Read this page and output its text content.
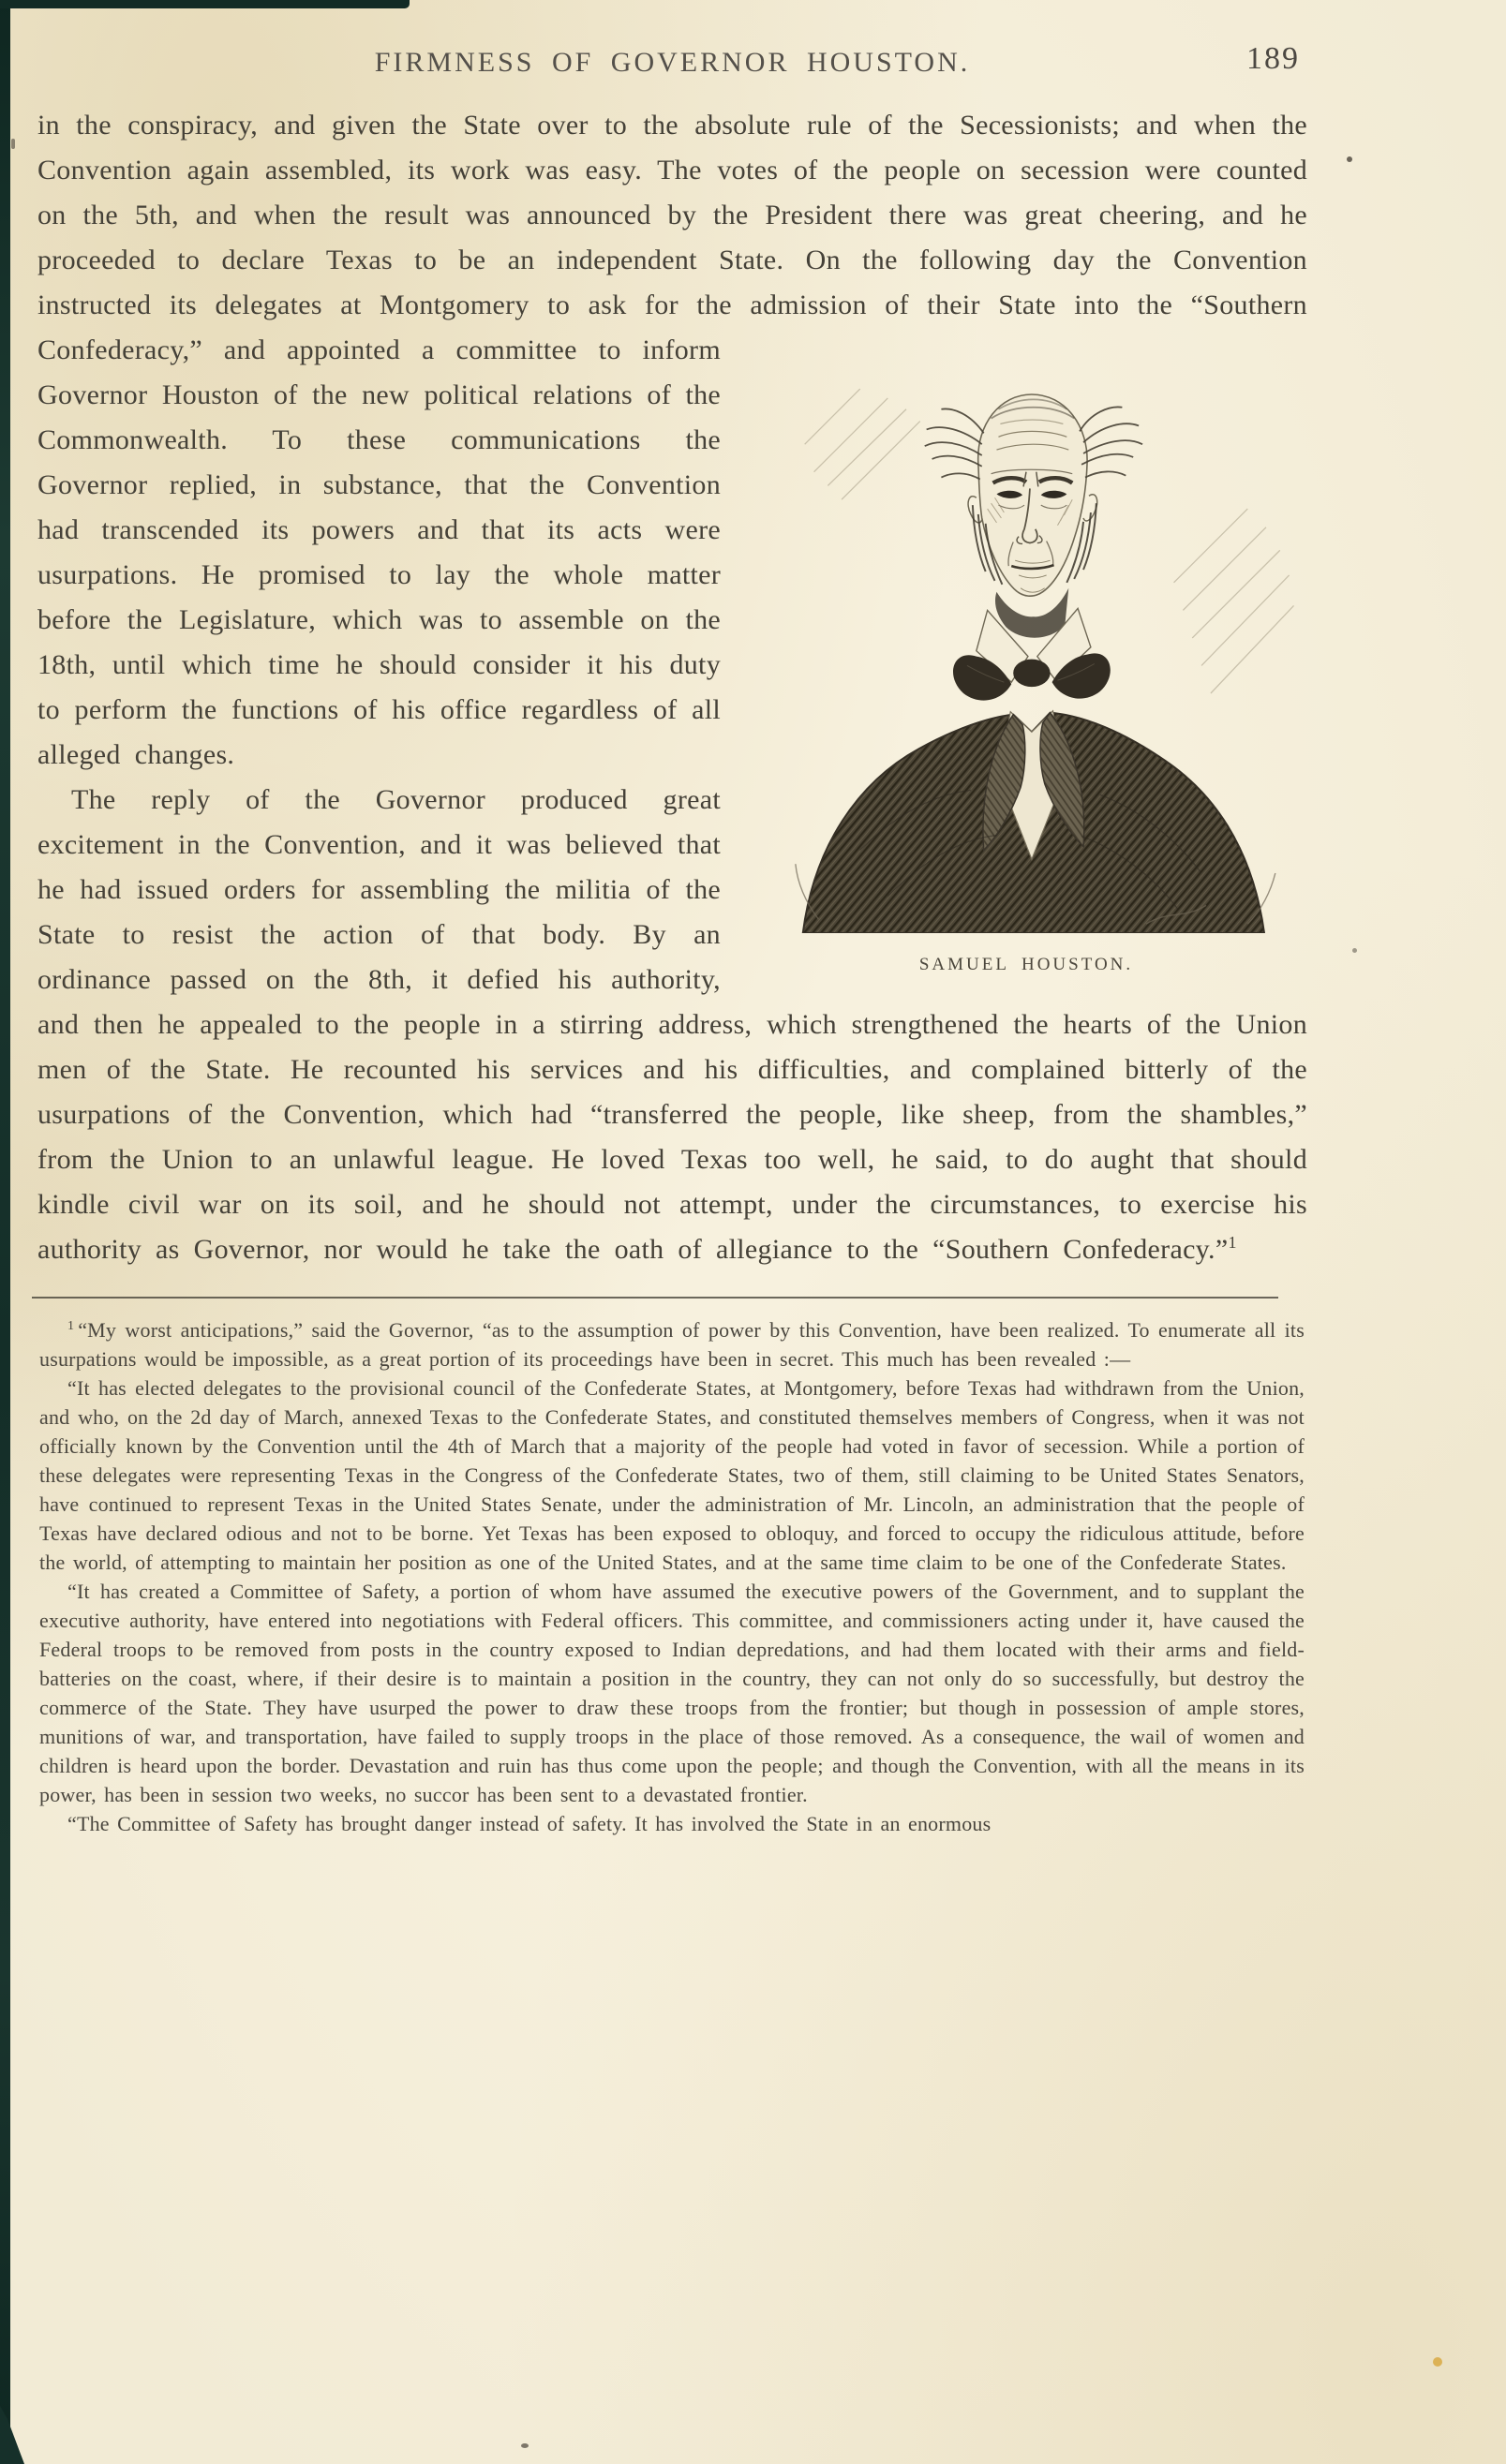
FIRMNESS OF GOVERNOR HOUSTON.	189

in the conspiracy, and given the State over to the absolute rule of the Secessionists; and when the Convention again assembled, its work was easy. The votes of the people on secession were counted on the 5th, and when the result was announced by the President there was great cheering, and he proceeded to declare Texas to be an independent State. On the following day the Convention instructed its delegates at Montgomery to ask for the admission of their State into the “Southern Confederacy,” and appointed a
SAMUEL HOUSTON.
committee to inform Governor Houston of the new political relations of the Commonwealth. To these communications the Governor replied, in substance, that the Convention had transcended its powers and that its acts were usurpations. He promised to lay the whole matter before the Legislature, which was to assemble on the 18th, until which time he should consider it his duty to perform the functions of his office regardless of all alleged changes.

The reply of the Governor produced great excitement in the Convention, and it was believed that he had issued orders for assembling the militia of the State to resist the action of that body. By an ordinance passed on the 8th, it defied his authority, and then he appealed to the people in a stirring address, which strengthened the hearts of the Union men of the State. He recounted his services and his difficulties, and complained bitterly of the usurpations of the Convention, which had “transferred the people, like sheep, from the shambles,” from the Union to an unlawful league. He loved Texas too well, he said, to do aught that should kindle civil war on its soil, and he should not attempt, under the circumstances, to exercise his authority as Governor, nor would he take the oath of allegiance to the “Southern Confederacy.”$^1$

$^1$ “My worst anticipations,” said the Governor, “as to the assumption of power by this Convention, have been realized. To enumerate all its usurpations would be impossible, as a great portion of its proceedings have been in secret. This much has been revealed :—

“It has elected delegates to the provisional council of the Confederate States, at Montgomery, before Texas had withdrawn from the Union, and who, on the 2d day of March, annexed Texas to the Confederate States, and constituted themselves members of Congress, when it was not officially known by the Convention until the 4th of March that a majority of the people had voted in favor of secession. While a portion of these delegates were representing Texas in the Congress of the Confederate States, two of them, still claiming to be United States Senators, have continued to represent Texas in the United States Senate, under the administration of Mr. Lincoln, an administration that the people of Texas have declared odious and not to be borne. Yet Texas has been exposed to obloquy, and forced to occupy the ridiculous attitude, before the world, of attempting to maintain her position as one of the United States, and at the same time claim to be one of the Confederate States.

“It has created a Committee of Safety, a portion of whom have assumed the executive powers of the Government, and to supplant the executive authority, have entered into negotiations with Federal officers. This committee, and commissioners acting under it, have caused the Federal troops to be removed from posts in the country exposed to Indian depredations, and had them located with their arms and field-batteries on the coast, where, if their desire is to maintain a position in the country, they can not only do so successfully, but destroy the commerce of the State. They have usurped the power to draw these troops from the frontier; but though in possession of ample stores, munitions of war, and transportation, have failed to supply troops in the place of those removed. As a consequence, the wail of women and children is heard upon the border. Devastation and ruin has thus come upon the people; and though the Convention, with all the means in its power, has been in session two weeks, no succor has been sent to a devastated frontier.

“The Committee of Safety has brought danger instead of safety. It has involved the State in an enormous
